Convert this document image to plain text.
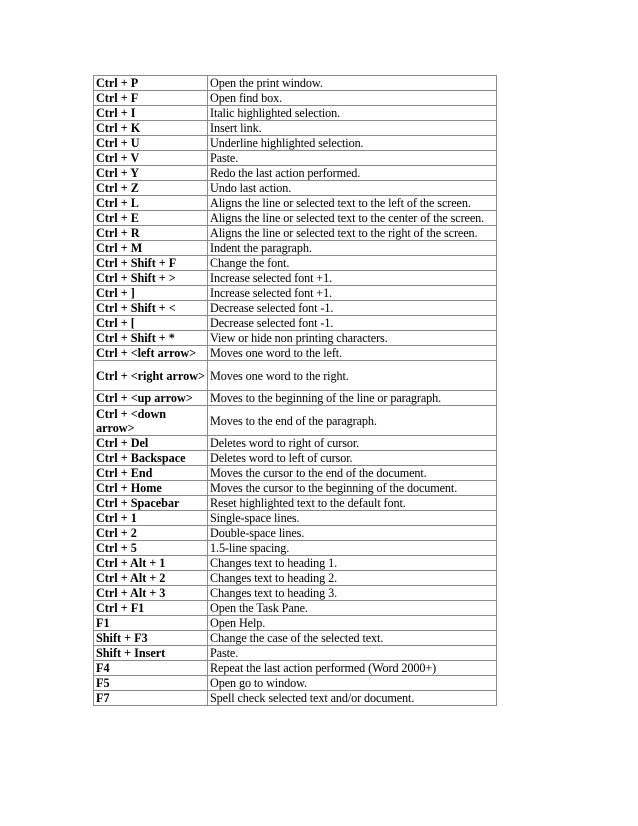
Ctrl + P	Open the print window.
Ctrl + F	Open find box.
Ctrl + I	Italic highlighted selection.
Ctrl + K	Insert link.
Ctrl + U	Underline highlighted selection.
Ctrl + V	Paste.
Ctrl + Y	Redo the last action performed.
Ctrl + Z	Undo last action.
Ctrl + L	Aligns the line or selected text to the left of the screen.
Ctrl + E	Aligns the line or selected text to the center of the screen.
Ctrl + R	Aligns the line or selected text to the right of the screen.
Ctrl + M	Indent the paragraph.
Ctrl + Shift + F	Change the font.
Ctrl + Shift + >	Increase selected font +1.
Ctrl + ]	Increase selected font +1.
Ctrl + Shift + <	Decrease selected font -1.
Ctrl + [	Decrease selected font -1.
Ctrl + Shift + *	View or hide non printing characters.
Ctrl + <left arrow>	Moves one word to the left.
Ctrl + <right arrow>	Moves one word to the right.
Ctrl + <up arrow>	Moves to the beginning of the line or paragraph.
Ctrl + <down arrow>	Moves to the end of the paragraph.
Ctrl + Del	Deletes word to right of cursor.
Ctrl + Backspace	Deletes word to left of cursor.
Ctrl + End	Moves the cursor to the end of the document.
Ctrl + Home	Moves the cursor to the beginning of the document.
Ctrl + Spacebar	Reset highlighted text to the default font.
Ctrl + 1	Single-space lines.
Ctrl + 2	Double-space lines.
Ctrl + 5	1.5-line spacing.
Ctrl + Alt + 1	Changes text to heading 1.
Ctrl + Alt + 2	Changes text to heading 2.
Ctrl + Alt + 3	Changes text to heading 3.
Ctrl + F1	Open the Task Pane.
F1	Open Help.
Shift + F3	Change the case of the selected text.
Shift + Insert	Paste.
F4	Repeat the last action performed (Word 2000+)
F5	Open go to window.
F7	Spell check selected text and/or document.
